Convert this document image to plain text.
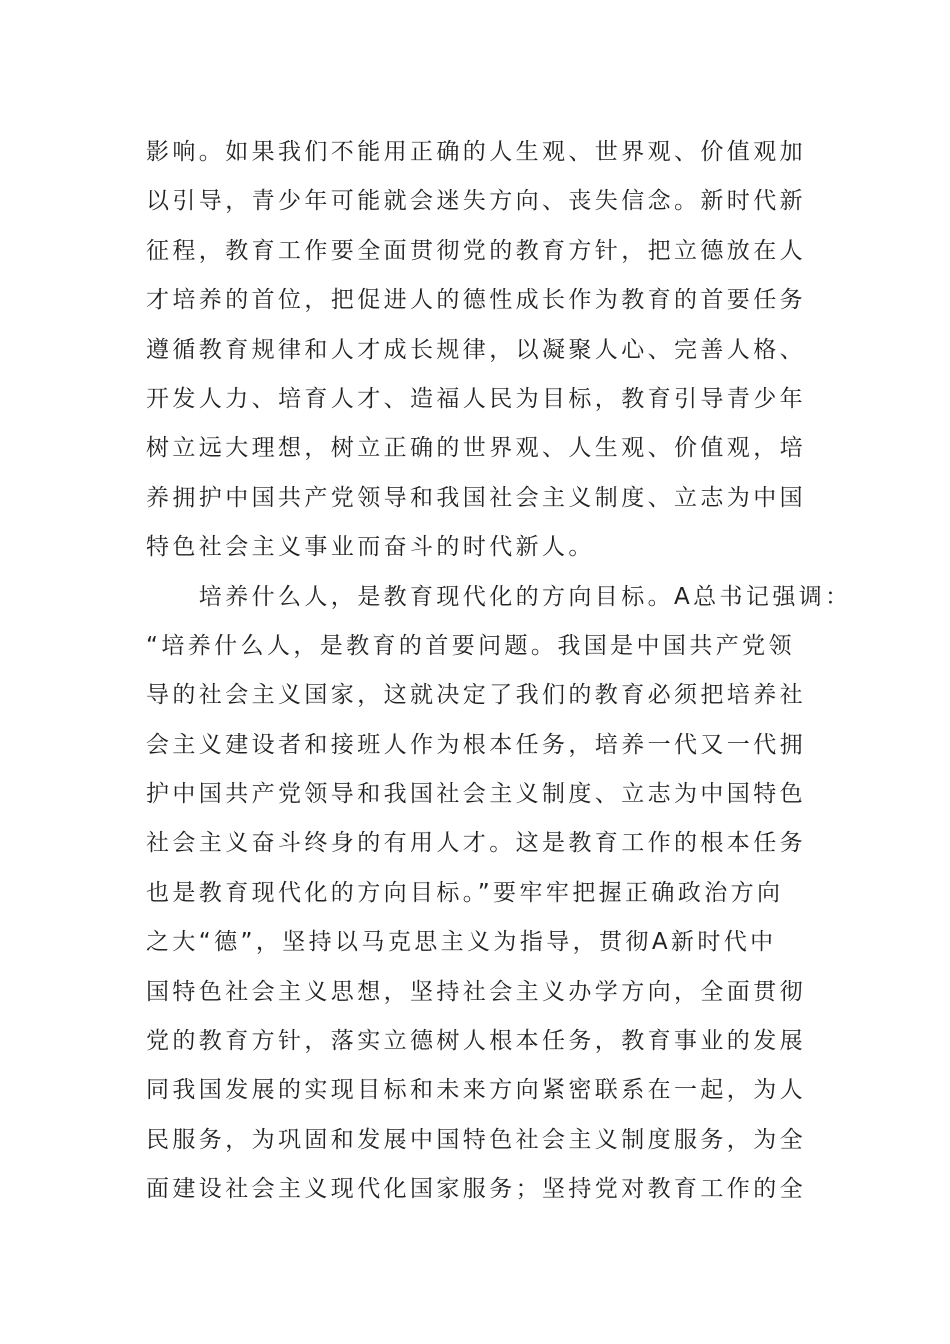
影响。如果我们不能用正确的人生观、世界观、价值观加
以引导，青少年可能就会迷失方向、丧失信念。新时代新
征程，教育工作要全面贯彻党的教育方针，把立德放在人
才培养的首位，把促进人的德性成长作为教育的首要任务
遵循教育规律和人才成长规律，以凝聚人心、完善人格、
开发人力、培育人才、造福人民为目标，教育引导青少年
树立远大理想，树立正确的世界观、人生观、价值观，培
养拥护中国共产党领导和我国社会主义制度、立志为中国
特色社会主义事业而奋斗的时代新人。
　　培养什么人，是教育现代化的方向目标。A总书记强调：
“培养什么人，是教育的首要问题。我国是中国共产党领
导的社会主义国家，这就决定了我们的教育必须把培养社
会主义建设者和接班人作为根本任务，培养一代又一代拥
护中国共产党领导和我国社会主义制度、立志为中国特色
社会主义奋斗终身的有用人才。这是教育工作的根本任务
也是教育现代化的方向目标。”要牢牢把握正确政治方向
之大“德”，坚持以马克思主义为指导，贯彻A新时代中
国特色社会主义思想，坚持社会主义办学方向，全面贯彻
党的教育方针，落实立德树人根本任务，教育事业的发展
同我国发展的实现目标和未来方向紧密联系在一起，为人
民服务，为巩固和发展中国特色社会主义制度服务，为全
面建设社会主义现代化国家服务；坚持党对教育工作的全
